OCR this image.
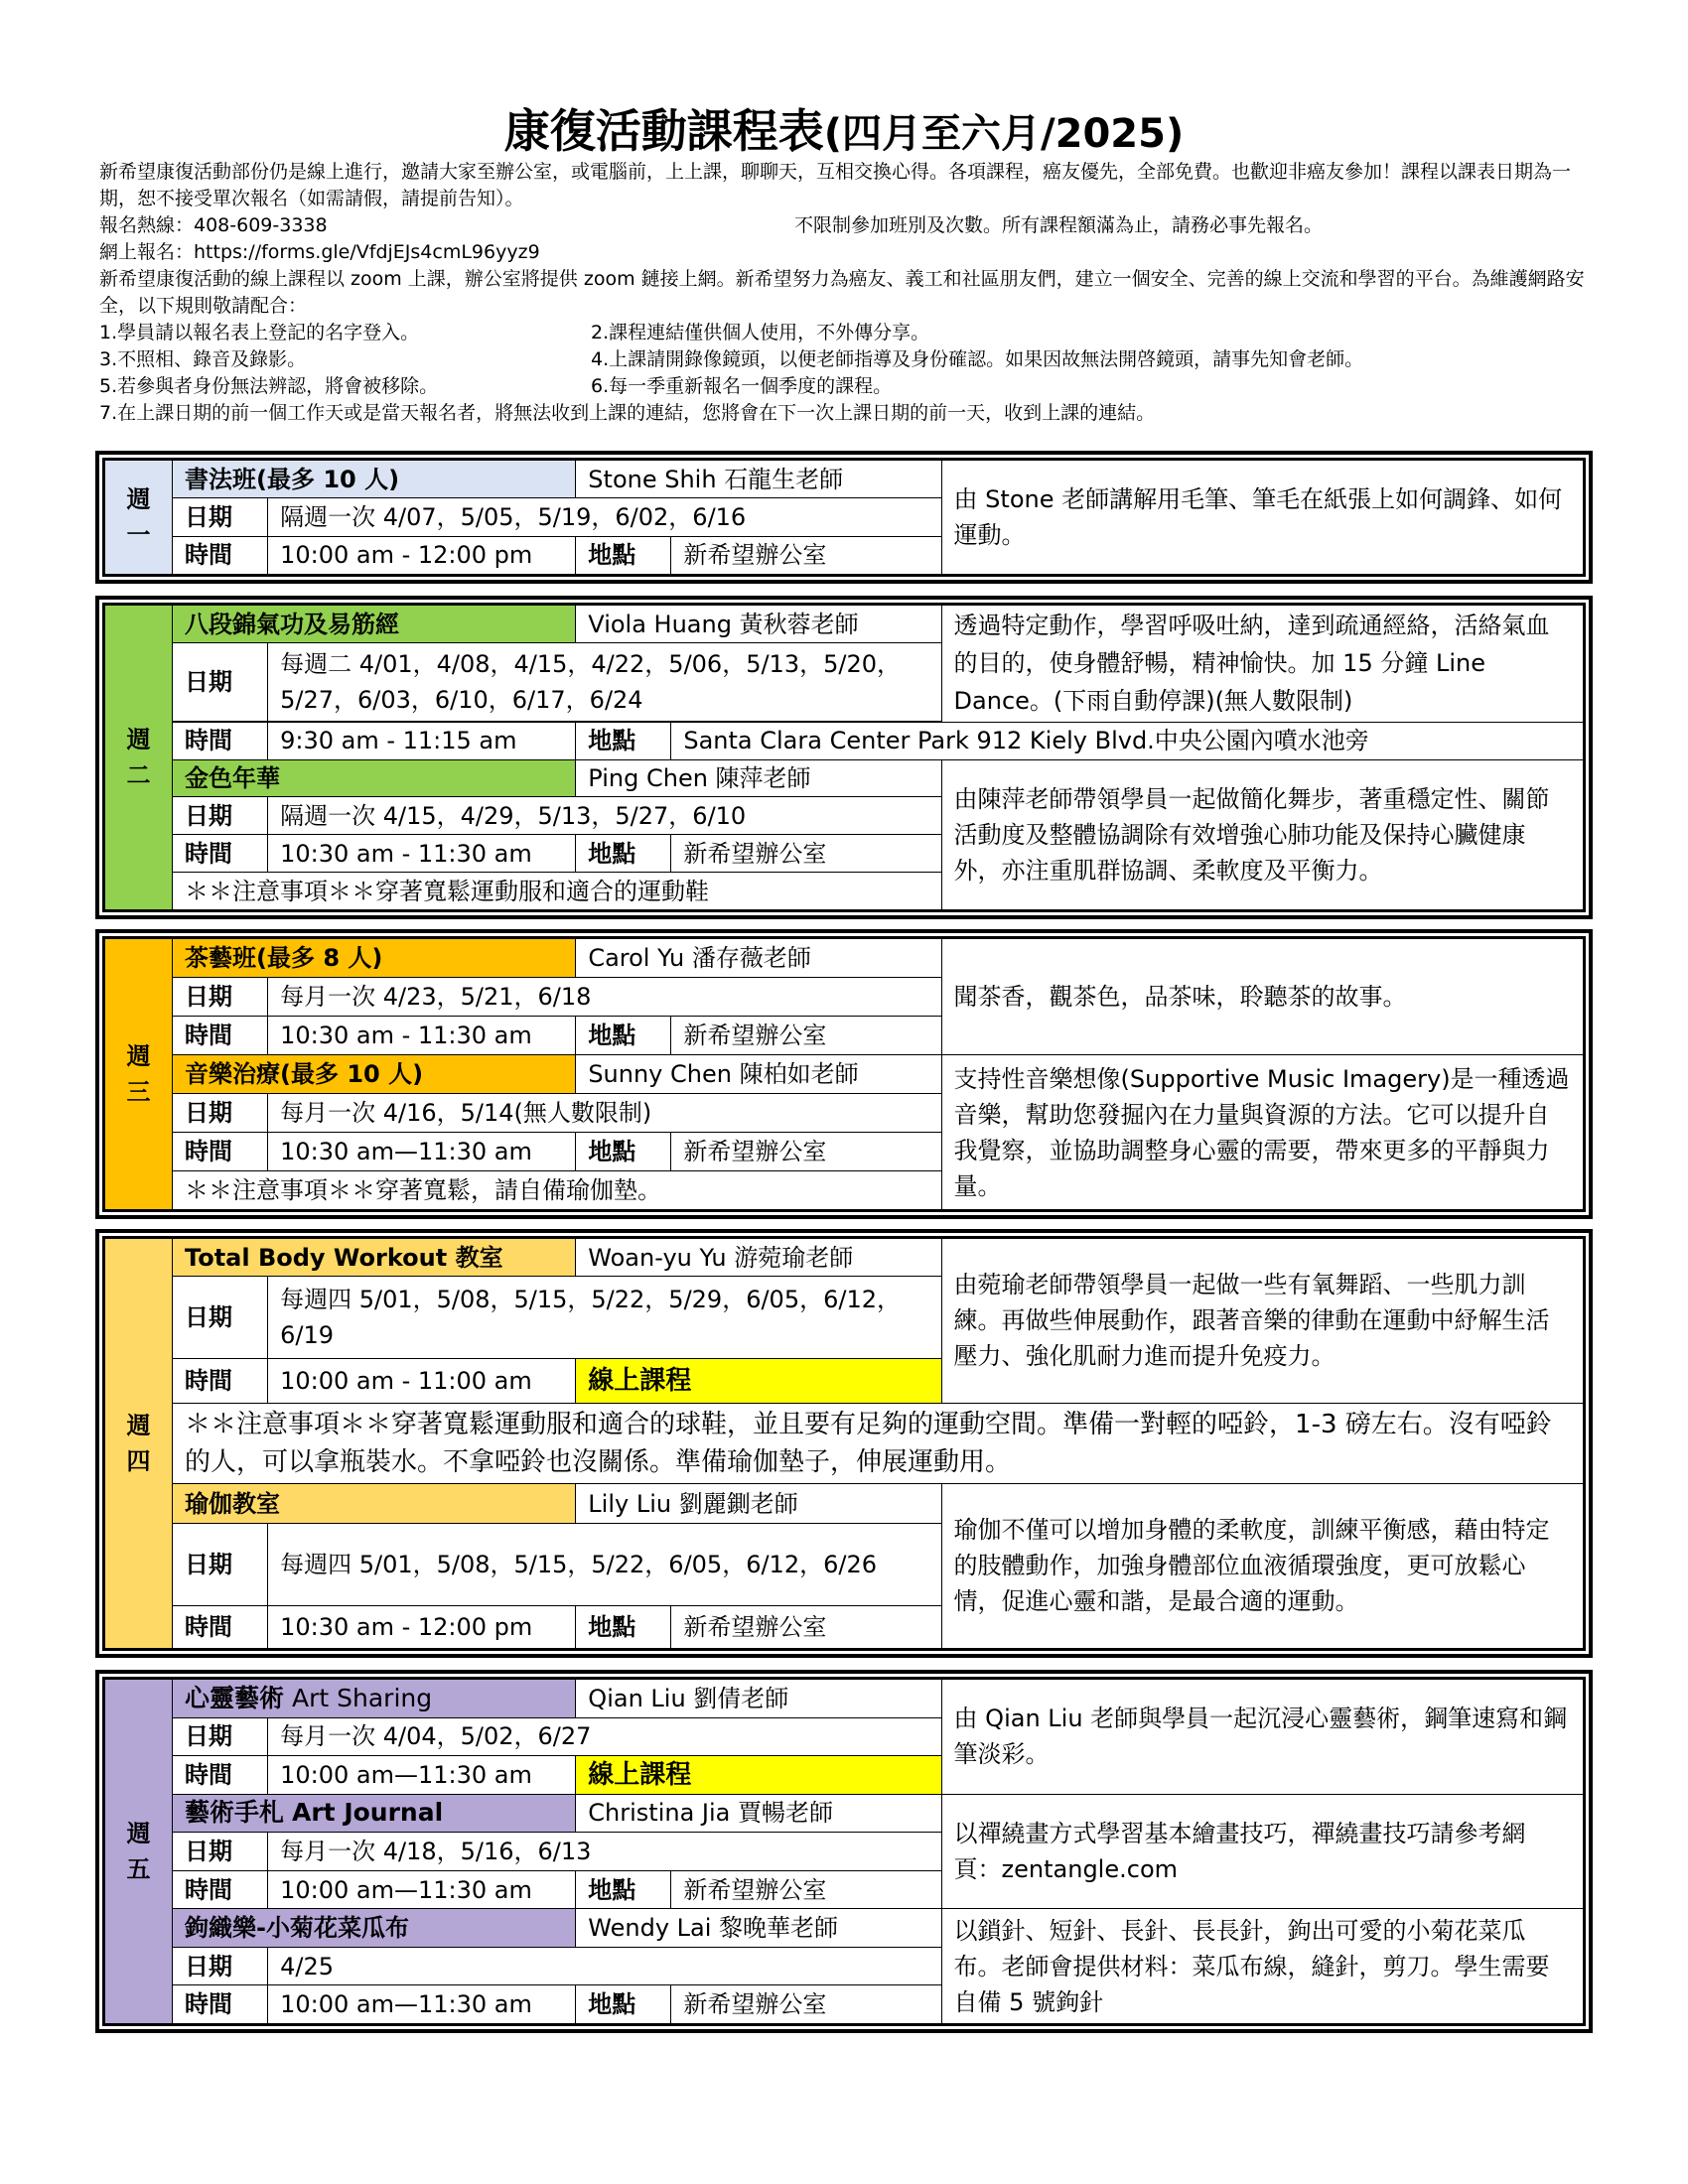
康復活動課程表(四月至六月/2025)

新希望康復活動部份仍是線上進行，邀請大家至辦公室，或電腦前，上上課，聊聊天，互相交換心得。各項課程，癌友優先，全部免費。也歡迎非癌友參加！課程以課表日期為一期，恕不接受單次報名（如需請假，請提前告知）。

報名熱線：408-609-3338	不限制參加班別及次數。所有課程額滿為止，請務必事先報名。

網上報名：https://forms.gle/VfdjEJs4cmL96yyz9

新希望康復活動的線上課程以 zoom 上課，辦公室將提供 zoom 鏈接上網。新希望努力為癌友、義工和社區朋友們，建立一個安全、完善的線上交流和學習的平台。為維護網路安全，以下規則敬請配合：

1.學員請以報名表上登記的名字登入。	2.課程連結僅供個人使用，不外傳分享。
3.不照相、錄音及錄影。	4.上課請開錄像鏡頭，以便老師指導及身份確認。如果因故無法開啓鏡頭，請事先知會老師。
5.若參與者身份無法辨認，將會被移除。	6.每一季重新報名一個季度的課程。

7.在上課日期的前一個工作天或是當天報名者，將無法收到上課的連結，您將會在下一次上課日期的前一天，收到上課的連結。

週
一	書法班(最多 10 人)		Stone Shih 石龍生老師		由 Stone 老師講解用毛筆、筆毛在紙張上如何調鋒、如何運動。
	日期	隔週一次 4/07，5/05，5/19，6/02，6/16			
	時間	10:00 am - 12:00 pm	地點	新希望辦公室	
週
二	八段錦氣功及易筋經		Viola Huang 黃秋蓉老師		透過特定動作，學習呼吸吐納，達到疏通經絡，活絡氣血的目的，使身體舒暢，精神愉快。加 15 分鐘 Line Dance。(下雨自動停課)(無人數限制)
	日期	每週二 4/01，4/08，4/15，4/22，5/06，5/13，5/20，5/27，6/03，6/10，6/17，6/24			

	時間	9:30 am - 11:15 am	地點	Santa Clara Center Park 912 Kiely Blvd.中央公園內噴水池旁	
	金色年華		Ping Chen 陳萍老師		由陳萍老師帶領學員一起做簡化舞步，著重穩定性、關節活動度及整體協調除有效增強心肺功能及保持心臟健康外，亦注重肌群協調、柔軟度及平衡力。
	日期	隔週一次 4/15，4/29，5/13，5/27，6/10			
	時間	10:30 am - 11:30 am	地點	新希望辦公室	
	＊＊注意事項＊＊穿著寬鬆運動服和適合的運動鞋				
週
三	茶藝班(最多 8 人)		Carol Yu 潘存薇老師		聞茶香，觀茶色，品茶味，聆聽茶的故事。
	日期	每月一次 4/23，5/21，6/18			
	時間	10:30 am - 11:30 am	地點	新希望辦公室	
	音樂治療(最多 10 人)		Sunny Chen 陳柏如老師		支持性音樂想像(Supportive Music Imagery)是一種透過音樂，幫助您發掘內在力量與資源的方法。它可以提升自我覺察，並協助調整身心靈的需要，帶來更多的平靜與力量。
	日期	每月一次 4/16，5/14(無人數限制)			
	時間	10:30 am—11:30 am	地點	新希望辦公室	
	＊＊注意事項＊＊穿著寬鬆，請自備瑜伽墊。				
週
四	Total Body Workout 教室		Woan-yu Yu 游菀瑜老師		由菀瑜老師帶領學員一起做一些有氧舞蹈、一些肌力訓練。再做些伸展動作，跟著音樂的律動在運動中紓解生活壓力、強化肌耐力進而提升免疫力。
	日期	每週四 5/01，5/08，5/15，5/22，5/29，6/05，6/12，6/19			
	時間	10:00 am - 11:00 am	線上課程		
	＊＊注意事項＊＊穿著寬鬆運動服和適合的球鞋，並且要有足夠的運動空間。準備一對輕的啞鈴，1-3 磅左右。沒有啞鈴的人，可以拿瓶裝水。不拿啞鈴也沒關係。準備瑜伽墊子，伸展運動用。				
	瑜伽教室		Lily Liu 劉麗鍘老師		瑜伽不僅可以增加身體的柔軟度，訓練平衡感，藉由特定的肢體動作，加強身體部位血液循環強度，更可放鬆心情，促進心靈和諧，是最合適的運動。
	日期	每週四 5/01，5/08，5/15，5/22，6/05，6/12，6/26			
	時間	10:30 am - 12:00 pm	地點	新希望辦公室	
週
五	心靈藝術 Art Sharing		Qian Liu 劉倩老師		由 Qian Liu 老師與學員一起沉浸心靈藝術，鋼筆速寫和鋼筆淡彩。
	日期	每月一次 4/04，5/02，6/27			
	時間	10:00 am—11:30 am	線上課程		
	藝術手札 Art Journal		Christina Jia 賈暢老師		以禪繞畫方式學習基本繪畫技巧，禪繞畫技巧請參考網頁：zentangle.com
	日期	每月一次 4/18，5/16，6/13			
	時間	10:00 am—11:30 am	地點	新希望辦公室	
	鉤織樂-小菊花菜瓜布		Wendy Lai 黎晚華老師		以鎖針、短針、長針、長長針，鉤出可愛的小菊花菜瓜布。老師會提供材料：菜瓜布線，縫針，剪刀。學生需要自備 5 號鉤針
	日期	4/25			
	時間	10:00 am—11:30 am	地點	新希望辦公室	
